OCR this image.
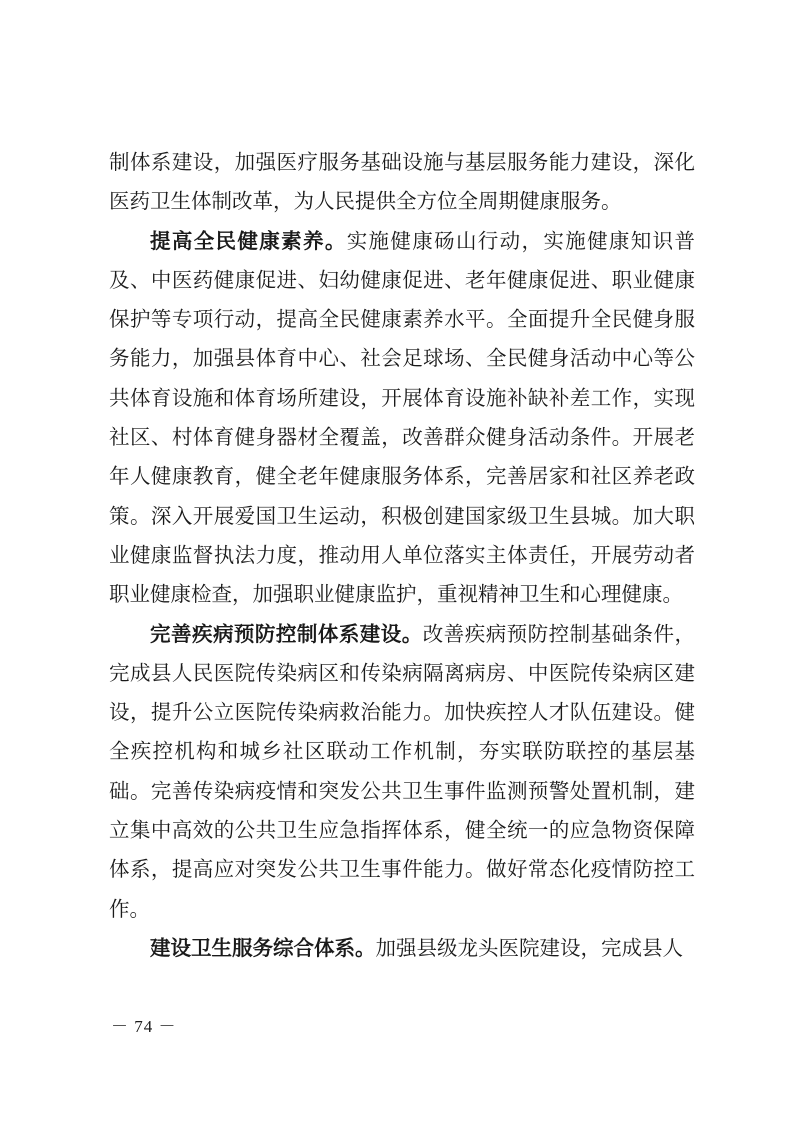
制体系建设，加强医疗服务基础设施与基层服务能力建设，深化医药卫生体制改革，为人民提供全方位全周期健康服务。

提高全民健康素养。实施健康砀山行动，实施健康知识普及、中医药健康促进、妇幼健康促进、老年健康促进、职业健康保护等专项行动，提高全民健康素养水平。全面提升全民健身服务能力，加强县体育中心、社会足球场、全民健身活动中心等公共体育设施和体育场所建设，开展体育设施补缺补差工作，实现社区、村体育健身器材全覆盖，改善群众健身活动条件。开展老年人健康教育，健全老年健康服务体系，完善居家和社区养老政策。深入开展爱国卫生运动，积极创建国家级卫生县城。加大职业健康监督执法力度，推动用人单位落实主体责任，开展劳动者职业健康检查，加强职业健康监护，重视精神卫生和心理健康。

完善疾病预防控制体系建设。改善疾病预防控制基础条件，完成县人民医院传染病区和传染病隔离病房、中医院传染病区建设，提升公立医院传染病救治能力。加快疾控人才队伍建设。健全疾控机构和城乡社区联动工作机制，夯实联防联控的基层基础。完善传染病疫情和突发公共卫生事件监测预警处置机制，建立集中高效的公共卫生应急指挥体系，健全统一的应急物资保障体系，提高应对突发公共卫生事件能力。做好常态化疫情防控工作。

建设卫生服务综合体系。加强县级龙头医院建设，完成县人

－ 74 －
